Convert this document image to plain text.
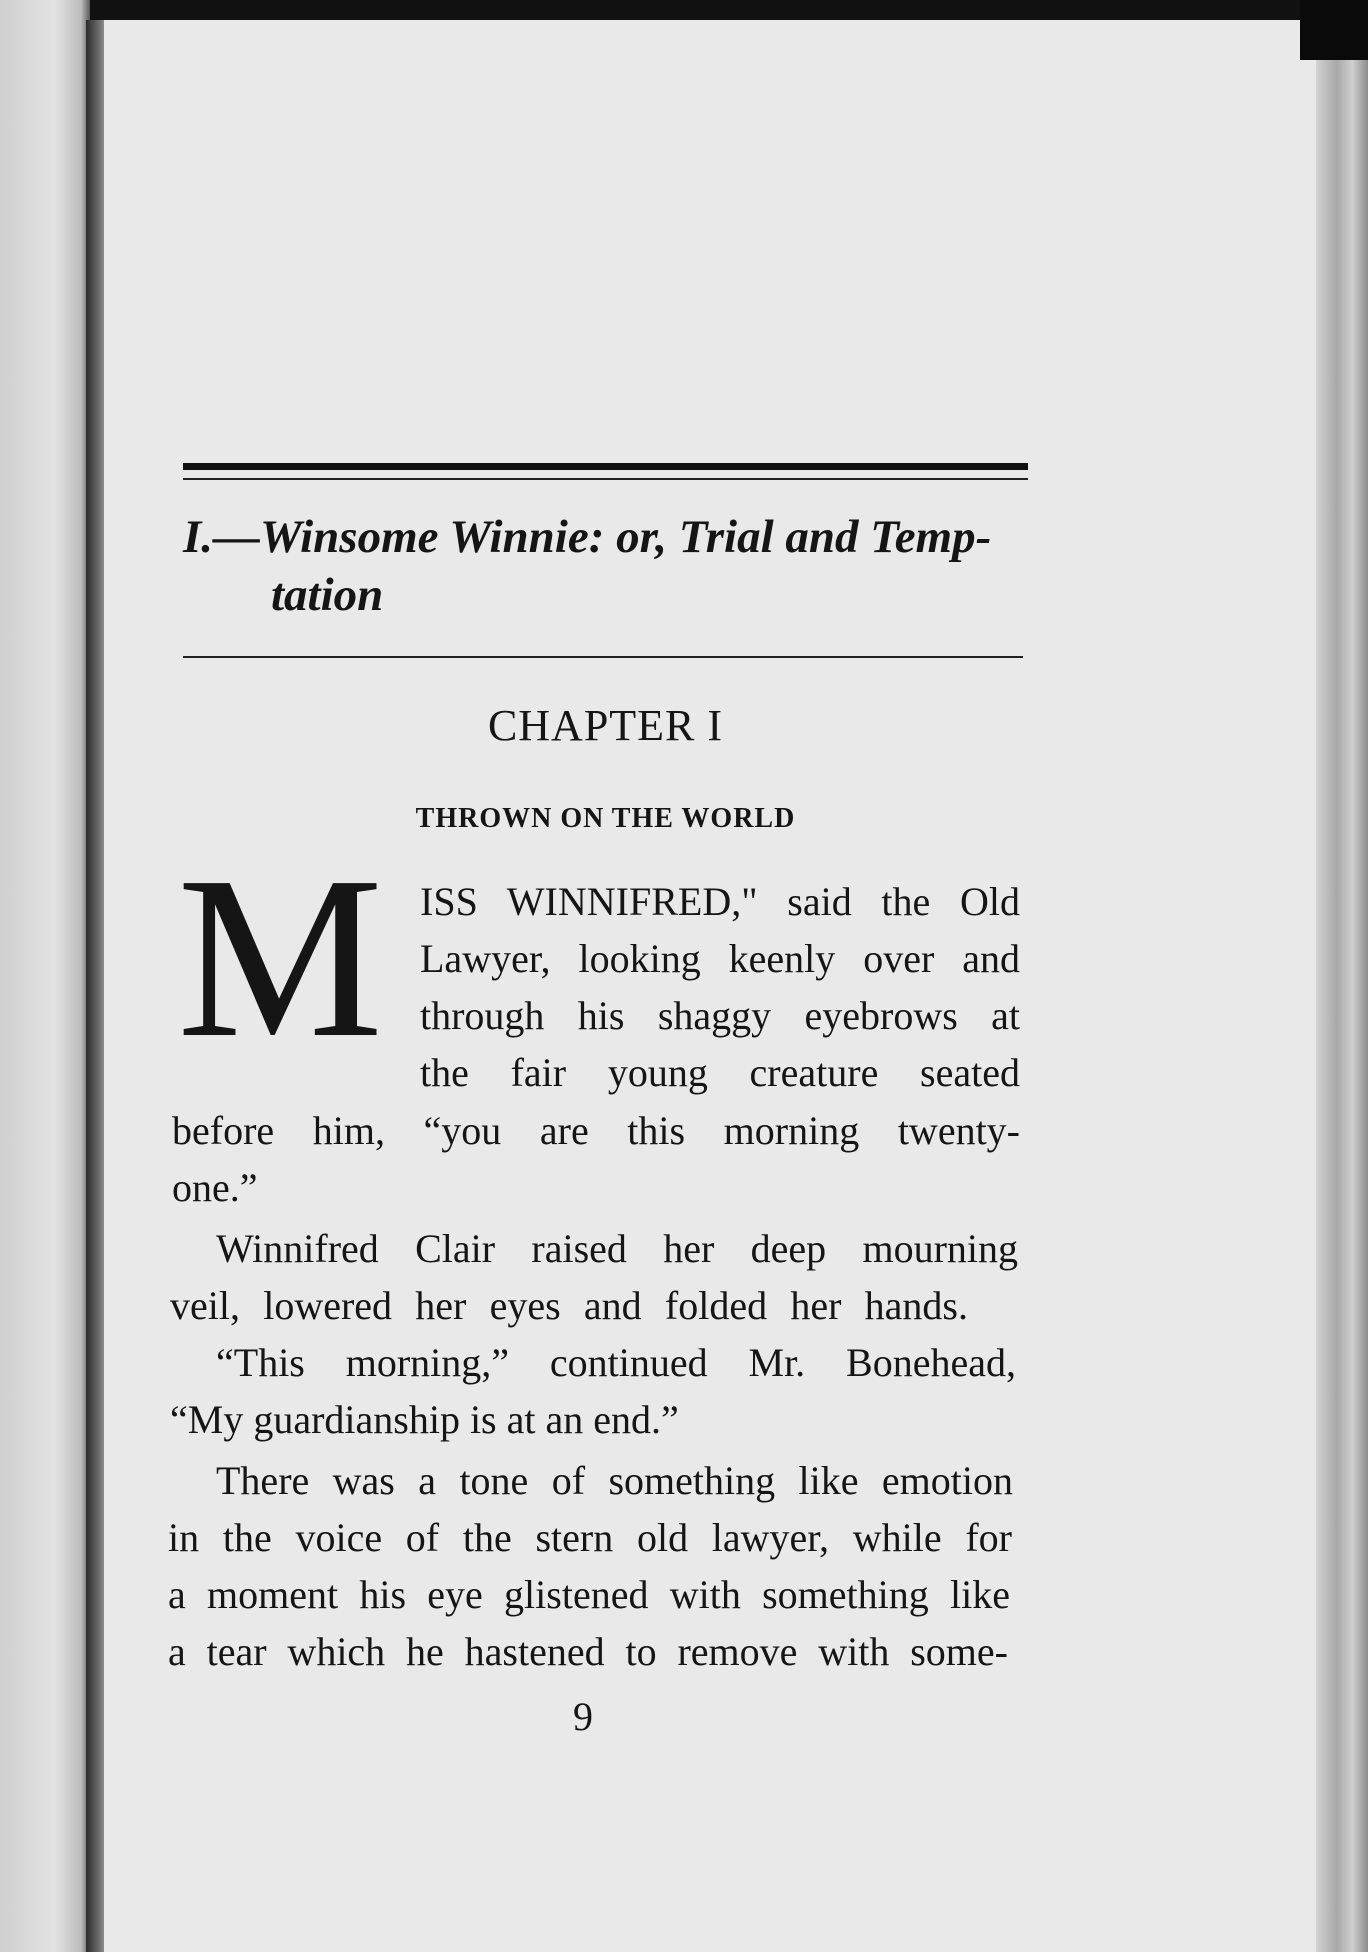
I.—Winsome Winnie: or, Trial and Temp-
tation
CHAPTER I
THROWN ON THE WORLD
M ISS WINNIFRED," said the Old
Lawyer, looking keenly over and
through his shaggy eyebrows at
the fair young creature seated
before him, “you are this morning twenty-
one.”
Winnifred Clair raised her deep mourning
veil, lowered her eyes and folded her hands.
“This morning,” continued Mr. Bonehead,
“My guardianship is at an end.”
There was a tone of something like emotion
in the voice of the stern old lawyer, while for
a moment his eye glistened with something like
a tear which he hastened to remove with some-
9
